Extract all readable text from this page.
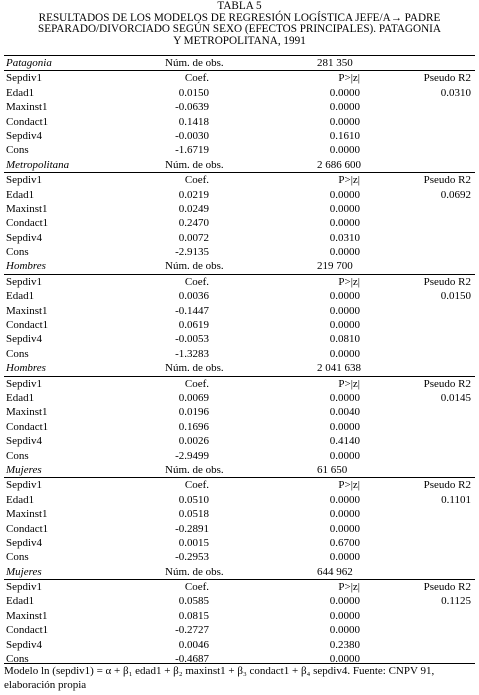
TABLA 5
RESULTADOS DE LOS MODELOS DE REGRESIÓN LOGÍSTICA JEFE/A→ PADRE
SEPARADO/DIVORCIADO SEGÚN SEXO (EFECTOS PRINCIPALES). PATAGONIA
Y METROPOLITANA, 1991
Patagonia	Núm. de obs.	281 350
Sepdiv1	Coef.	P>|z|	Pseudo R2
Edad1	0.0150	0.0000	0.0310
Maxinst1	-0.0639	0.0000
Condact1	0.1418	0.0000
Sepdiv4	-0.0030	0.1610
Cons	-1.6719	0.0000
Metropolitana	Núm. de obs.	2 686 600
Sepdiv1	Coef.	P>|z|	Pseudo R2
Edad1	0.0219	0.0000	0.0692
Maxinst1	0.0249	0.0000
Condact1	0.2470	0.0000
Sepdiv4	0.0072	0.0310
Cons	-2.9135	0.0000
Hombres	Núm. de obs.	219 700
Sepdiv1	Coef.	P>|z|	Pseudo R2
Edad1	0.0036	0.0000	0.0150
Maxinst1	-0.1447	0.0000
Condact1	0.0619	0.0000
Sepdiv4	-0.0053	0.0810
Cons	-1.3283	0.0000
Hombres	Núm. de obs.	2 041 638
Sepdiv1	Coef.	P>|z|	Pseudo R2
Edad1	0.0069	0.0000	0.0145
Maxinst1	0.0196	0.0040
Condact1	0.1696	0.0000
Sepdiv4	0.0026	0.4140
Cons	-2.9499	0.0000
Mujeres	Núm. de obs.	61 650
Sepdiv1	Coef.	P>|z|	Pseudo R2
Edad1	0.0510	0.0000	0.1101
Maxinst1	0.0518	0.0000
Condact1	-0.2891	0.0000
Sepdiv4	0.0015	0.6700
Cons	-0.2953	0.0000
Mujeres	Núm. de obs.	644 962
Sepdiv1	Coef.	P>|z|	Pseudo R2
Edad1	0.0585	0.0000	0.1125
Maxinst1	0.0815	0.0000
Condact1	-0.2727	0.0000
Sepdiv4	0.0046	0.2380
Cons	-0.4687	0.0000
Modelo ln (sepdiv1) = α + β₁ edad1 + β₂ maxinst1 + β₃ condact1 + β₄ sepdiv4. Fuente: CNPV 91,
elaboración propia
